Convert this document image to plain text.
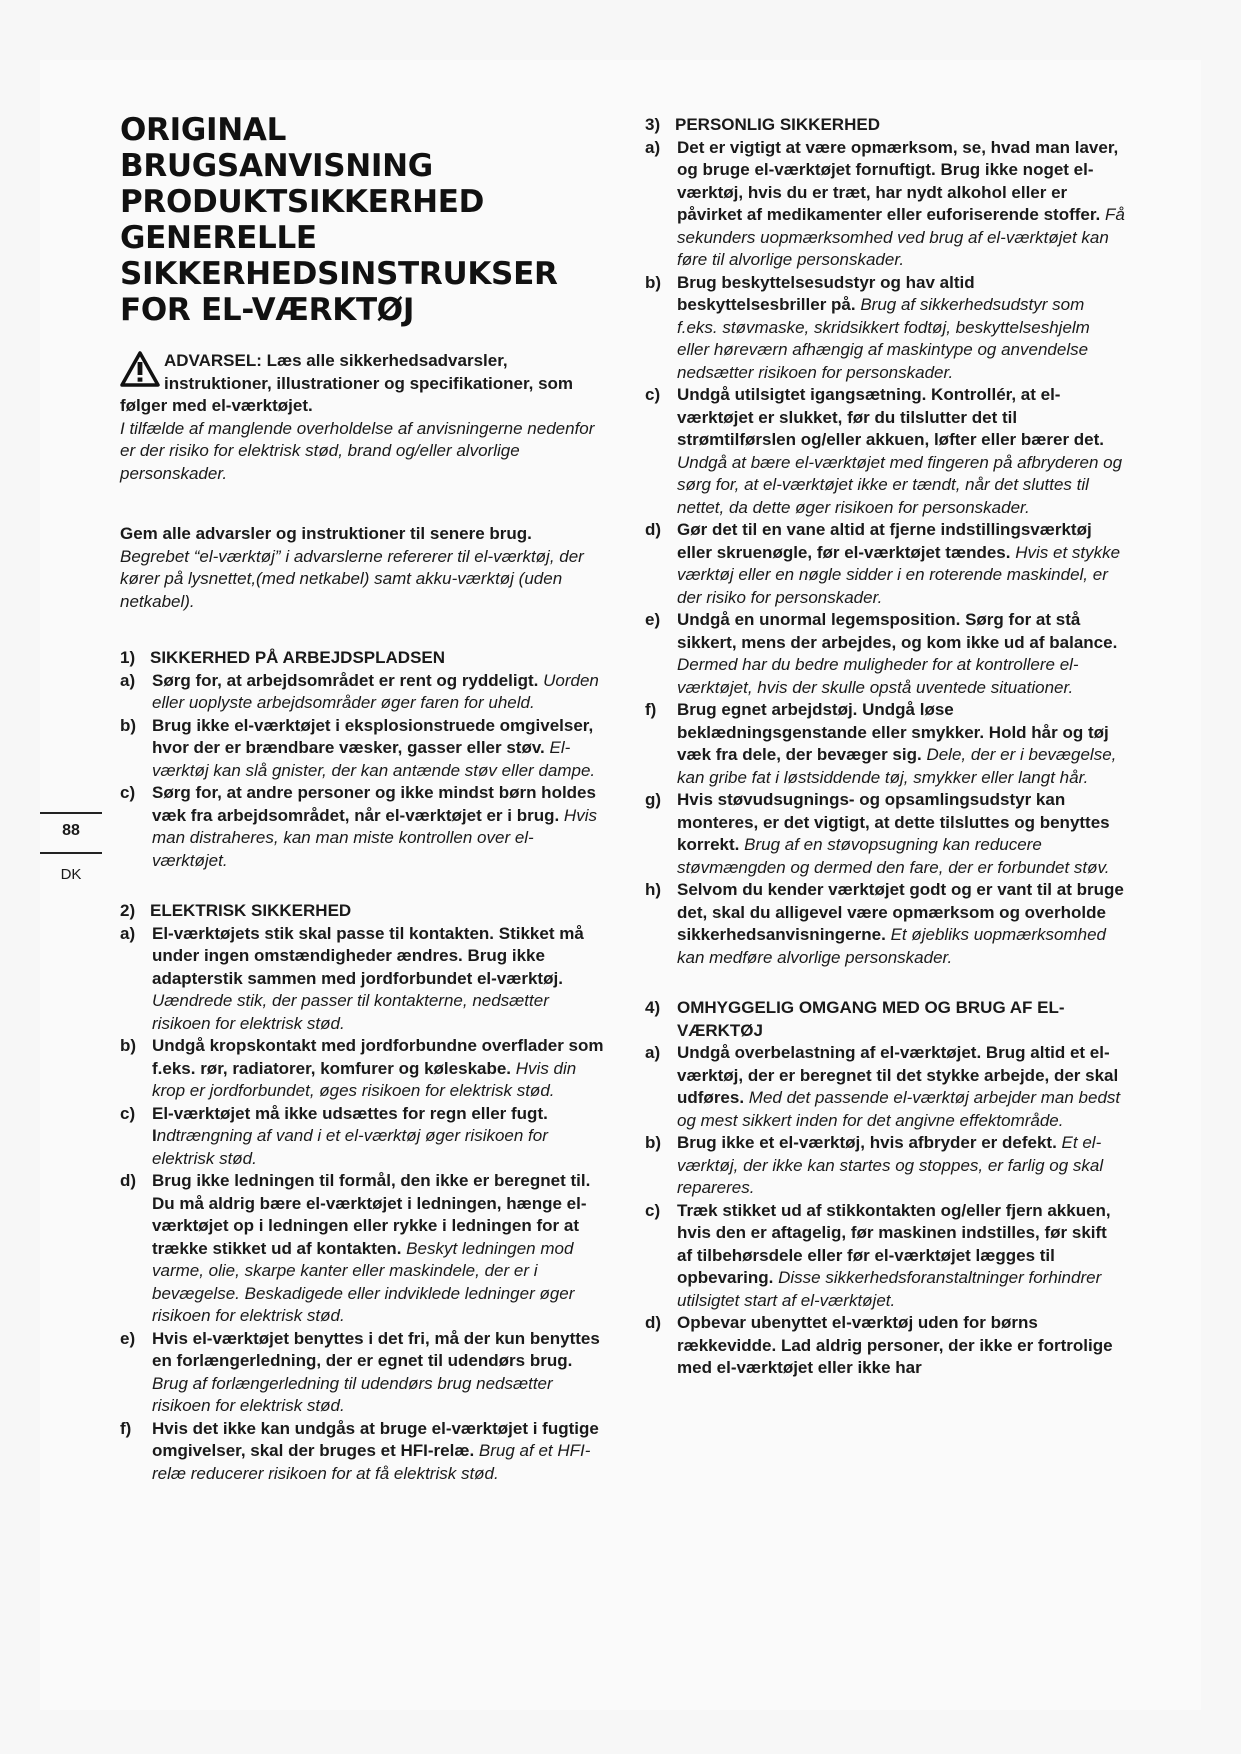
88
DK
ORIGINAL
BRUGSANVISNING
PRODUKTSIKKERHED
GENERELLE
SIKKERHEDSINSTRUKSER
FOR EL-VÆRKTØJ

ADVARSEL: Læs alle sikkerhedsadvarsler, instruktioner, illustrationer og specifikationer, som følger med el-værktøjet.
I tilfælde af manglende overholdelse af anvisningerne nedenfor er der risiko for elektrisk stød, brand og/eller alvorlige personskader.

Gem alle advarsler og instruktioner til senere brug.
Begrebet “el-værktøj” i advarslerne refererer til el-værktøj, der kører på lysnettet,(med netkabel) samt akku-værktøj (uden netkabel).

1) SIKKERHED PÅ ARBEJDSPLADSEN
a) Sørg for, at arbejdsområdet er rent og ryddeligt. Uorden eller uoplyste arbejdsområder øger faren for uheld.
b) Brug ikke el-værktøjet i eksplosionstruede omgivelser, hvor der er brændbare væsker, gasser eller støv. El-værktøj kan slå gnister, der kan antænde støv eller dampe.
c) Sørg for, at andre personer og ikke mindst børn holdes væk fra arbejdsområdet, når el-værktøjet er i brug. Hvis man distraheres, kan man miste kontrollen over el-værktøjet.
2) ELEKTRISK SIKKERHED
a) El-værktøjets stik skal passe til kontakten. Stikket må under ingen omstændigheder ændres. Brug ikke adapterstik sammen med jordforbundet el-værktøj. Uændrede stik, der passer til kontakterne, nedsætter risikoen for elektrisk stød.
b) Undgå kropskontakt med jordforbundne overflader som f.eks. rør, radiatorer, komfurer og køleskabe. Hvis din krop er jordforbundet, øges risikoen for elektrisk stød.
c) El-værktøjet må ikke udsættes for regn eller fugt. Indtrængning af vand i et el-værktøj øger risikoen for elektrisk stød.
d) Brug ikke ledningen til formål, den ikke er beregnet til. Du må aldrig bære el-værktøjet i ledningen, hænge el-værktøjet op i ledningen eller rykke i ledningen for at trække stikket ud af kontakten. Beskyt ledningen mod varme, olie, skarpe kanter eller maskindele, der er i bevægelse. Beskadigede eller indviklede ledninger øger risikoen for elektrisk stød.
e) Hvis el-værktøjet benyttes i det fri, må der kun benyttes en forlængerledning, der er egnet til udendørs brug. Brug af forlængerledning til udendørs brug nedsætter risikoen for elektrisk stød.
f)	Hvis det ikke kan undgås at bruge el-værktøjet i fugtige omgivelser, skal der bruges et HFI-relæ. Brug af et HFI-relæ reducerer risikoen for at få elektrisk stød.
3) PERSONLIG SIKKERHED
a) Det er vigtigt at være opmærksom, se, hvad man laver, og bruge el-værktøjet fornuftigt. Brug ikke noget el-værktøj, hvis du er træt, har nydt alkohol eller er påvirket af medikamenter eller euforiserende stoffer. Få sekunders uopmærksomhed ved brug af el-værktøjet kan føre til alvorlige personskader.
b) Brug beskyttelsesudstyr og hav altid beskyttelsesbriller på. Brug af sikkerhedsudstyr som f.eks. støvmaske, skridsikkert fodtøj, beskyttelseshjelm eller høreværn afhængig af maskintype og anvendelse nedsætter risikoen for personskader.
c) Undgå utilsigtet igangsætning. Kontrollér, at el-værktøjet er slukket, før du tilslutter det til strømtilførslen og/eller akkuen, løfter eller bærer det. Undgå at bære el-værktøjet med fingeren på afbryderen og sørg for, at el-værktøjet ikke er tændt, når det sluttes til nettet, da dette øger risikoen for personskader.
d) Gør det til en vane altid at fjerne indstillingsværktøj eller skruenøgle, før el-værktøjet tændes. Hvis et stykke værktøj eller en nøgle sidder i en roterende maskindel, er der risiko for personskader.
e) Undgå en unormal legemsposition. Sørg for at stå sikkert, mens der arbejdes, og kom ikke ud af balance. Dermed har du bedre muligheder for at kontrollere el-værktøjet, hvis der skulle opstå uventede situationer.
f)	Brug egnet arbejdstøj. Undgå løse beklædningsgenstande eller smykker. Hold hår og tøj væk fra dele, der bevæger sig. Dele, der er i bevægelse, kan gribe fat i løstsiddende tøj, smykker eller langt hår.
g) Hvis støvudsugnings- og opsamlingsudstyr kan monteres, er det vigtigt, at dette tilsluttes og benyttes korrekt. Brug af en støvopsugning kan reducere støvmængden og dermed den fare, der er forbundet støv.
h) Selvom du kender værktøjet godt og er vant til at bruge det, skal du alligevel være opmærksom og overholde sikkerhedsanvisningerne. Et øjebliks uopmærksomhed kan medføre alvorlige personskader.
4) OMHYGGELIG OMGANG MED OG BRUG AF EL-VÆRKTØJ
a) Undgå overbelastning af el-værktøjet. Brug altid et el-værktøj, der er beregnet til det stykke arbejde, der skal udføres. Med det passende el-værktøj arbejder man bedst og mest sikkert inden for det angivne effektområde.
b) Brug ikke et el-værktøj, hvis afbryder er defekt. Et el-værktøj, der ikke kan startes og stoppes, er farlig og skal repareres.
c) Træk stikket ud af stikkontakten og/eller fjern akkuen, hvis den er aftagelig, før maskinen indstilles, før skift af tilbehørsdele eller før el-værktøjet lægges til opbevaring. Disse sikkerhedsforanstaltninger forhindrer utilsigtet start af el-værktøjet.
d) Opbevar ubenyttet el-værktøj uden for børns rækkevidde. Lad aldrig personer, der ikke er fortrolige med el-værktøjet eller ikke har
